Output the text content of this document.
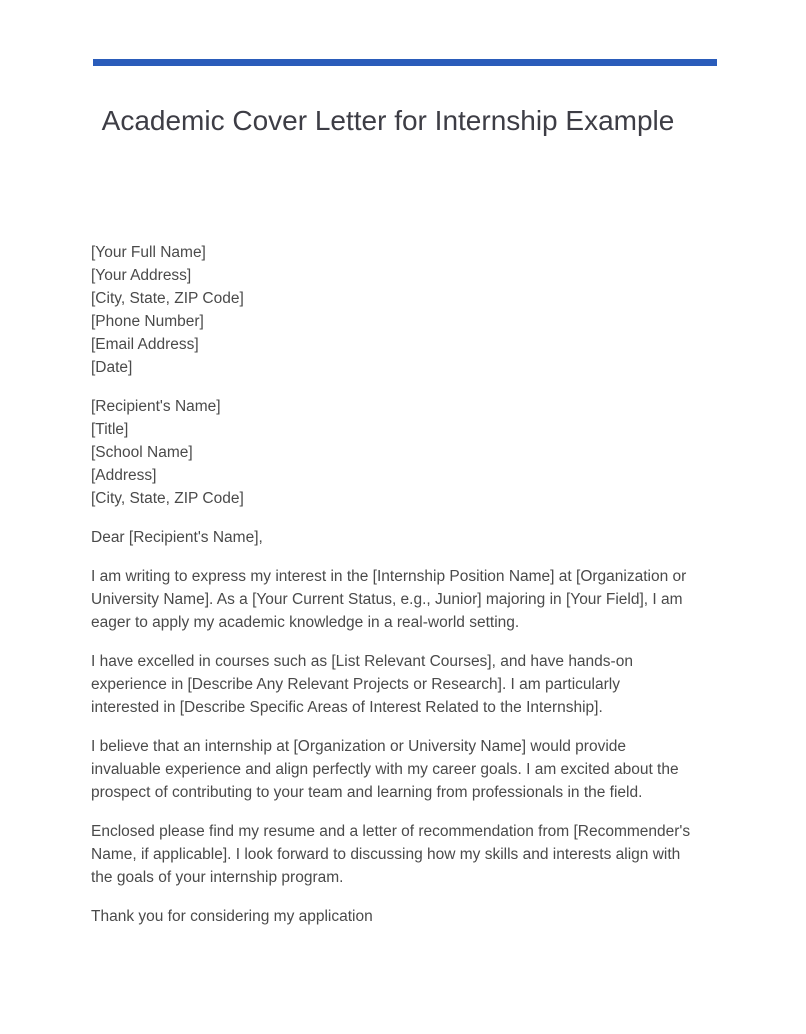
Academic Cover Letter for Internship Example
[Your Full Name]
[Your Address]
[City, State, ZIP Code]
[Phone Number]
[Email Address]
[Date]
[Recipient's Name]
[Title]
[School Name]
[Address]
[City, State, ZIP Code]

Dear [Recipient's Name],

I am writing to express my interest in the [Internship Position Name] at [Organization or University Name]. As a [Your Current Status, e.g., Junior] majoring in [Your Field], I am eager to apply my academic knowledge in a real-world setting.

I have excelled in courses such as [List Relevant Courses], and have hands-on experience in [Describe Any Relevant Projects or Research]. I am particularly interested in [Describe Specific Areas of Interest Related to the Internship].

I believe that an internship at [Organization or University Name] would provide invaluable experience and align perfectly with my career goals. I am excited about the prospect of contributing to your team and learning from professionals in the field.

Enclosed please find my resume and a letter of recommendation from [Recommender's Name, if applicable]. I look forward to discussing how my skills and interests align with the goals of your internship program.

Thank you for considering my application
